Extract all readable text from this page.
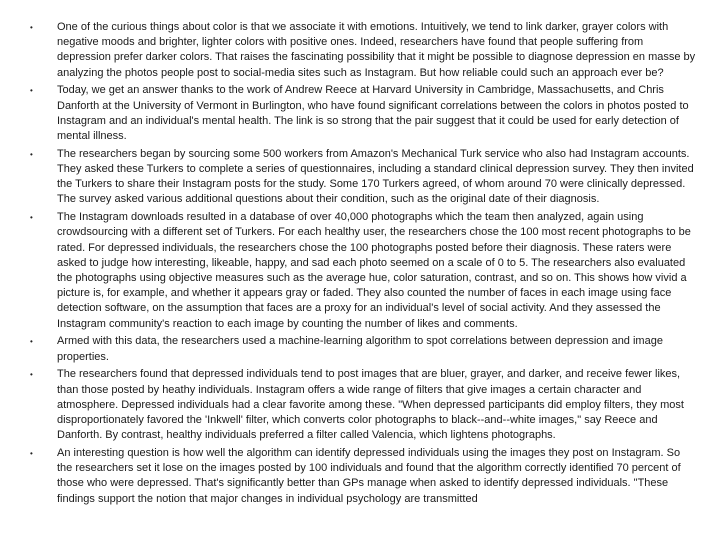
• One of the curious things about color is that we associate it with emotions. Intuitively, we tend to link darker, grayer colors with negative moods and brighter, lighter colors with positive ones. Indeed, researchers have found that people suffering from depression prefer darker colors. That raises the fascinating possibility that it might be possible to diagnose depression en masse by analyzing the photos people post to social-media sites such as Instagram. But how reliable could such an approach ever be?
• Today, we get an answer thanks to the work of Andrew Reece at Harvard University in Cambridge, Massachusetts, and Chris Danforth at the University of Vermont in Burlington, who have found significant correlations between the colors in photos posted to Instagram and an individual's mental health. The link is so strong that the pair suggest that it could be used for early detection of mental illness.
• The researchers began by sourcing some 500 workers from Amazon's Mechanical Turk service who also had Instagram accounts. They asked these Turkers to complete a series of questionnaires, including a standard clinical depression survey. They then invited the Turkers to share their Instagram posts for the study. Some 170 Turkers agreed, of whom around 70 were clinically depressed. The survey asked various additional questions about their condition, such as the original date of their diagnosis.
• The Instagram downloads resulted in a database of over 40,000 photographs which the team then analyzed, again using crowdsourcing with a different set of Turkers. For each healthy user, the researchers chose the 100 most recent photographs to be rated. For depressed individuals, the researchers chose the 100 photographs posted before their diagnosis. These raters were asked to judge how interesting, likeable, happy, and sad each photo seemed on a scale of 0 to 5. The researchers also evaluated the photographs using objective measures such as the average hue, color saturation, contrast, and so on. This shows how vivid a picture is, for example, and whether it appears gray or faded. They also counted the number of faces in each image using face detection software, on the assumption that faces are a proxy for an individual's level of social activity. And they assessed the Instagram community's reaction to each image by counting the number of likes and comments.
• Armed with this data, the researchers used a machine-learning algorithm to spot correlations between depression and image properties.
• The researchers found that depressed individuals tend to post images that are bluer, grayer, and darker, and receive fewer likes, than those posted by heathy individuals. Instagram offers a wide range of filters that give images a certain character and atmosphere. Depressed individuals had a clear favorite among these. "When depressed participants did employ filters, they most disproportionately favored the 'Inkwell' filter, which converts color photographs to black--and--white images," say Reece and Danforth. By contrast, healthy individuals preferred a filter called Valencia, which lightens photographs.
• An interesting question is how well the algorithm can identify depressed individuals using the images they post on Instagram. So the researchers set it lose on the images posted by 100 individuals and found that the algorithm correctly identified 70 percent of those who were depressed. That's significantly better than GPs manage when asked to identify depressed individuals. "These findings support the notion that major changes in individual psychology are transmitted
